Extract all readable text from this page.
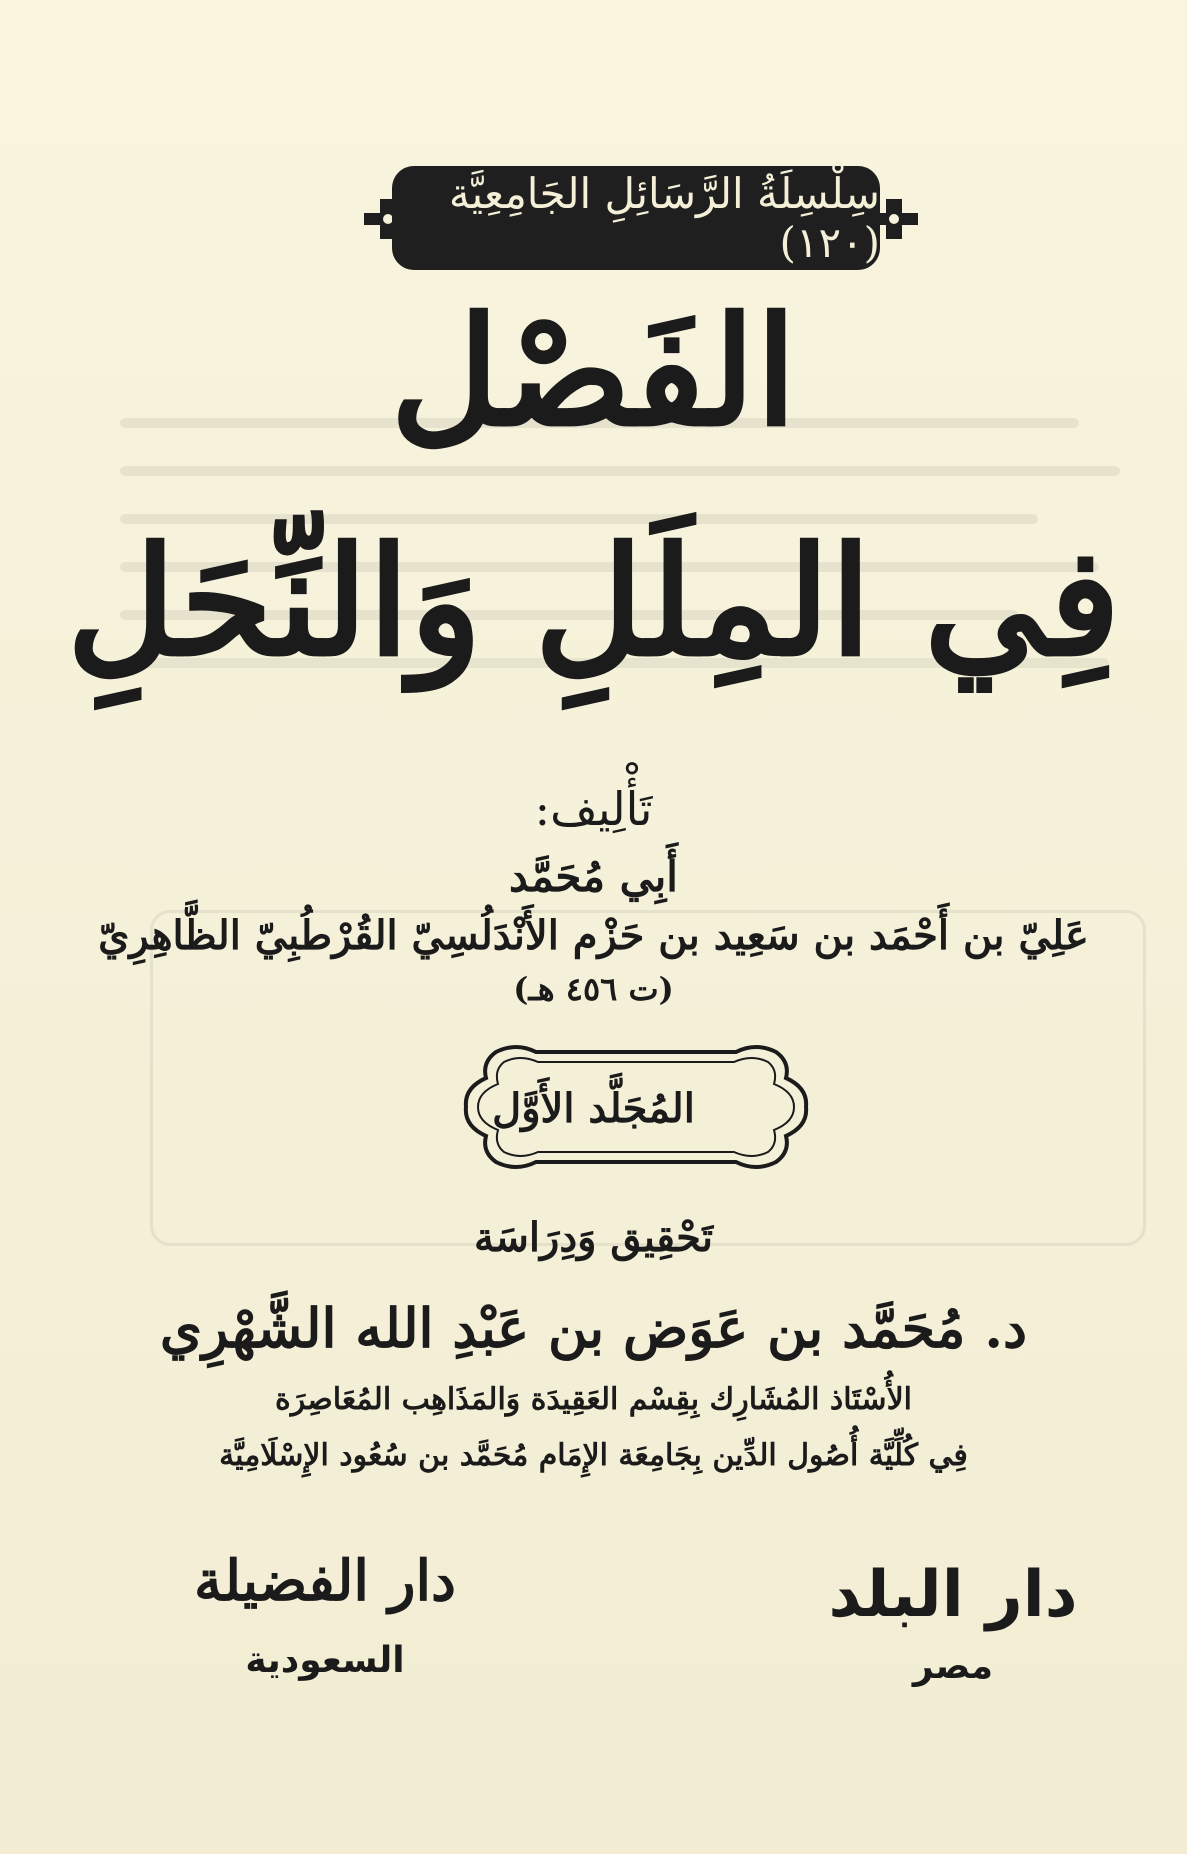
سِلْسِلَةُ الرَّسَائِلِ الجَامِعِيَّة (١٢٠)
الفَصْل
فِي المِلَلِ وَالنِّحَلِ
تَأْلِيف:
أَبِي مُحَمَّد
عَلِيّ بن أَحْمَد بن سَعِيد بن حَزْم الأَنْدَلُسِيّ القُرْطُبِيّ الظَّاهِرِيّ
(ت ٤٥٦ هـ)
المُجَلَّد الأَوَّل
تَحْقِيق وَدِرَاسَة
د. مُحَمَّد بن عَوَض بن عَبْدِ الله الشَّهْرِي
الأُسْتَاذ المُشَارِك بِقِسْم العَقِيدَة وَالمَذَاهِب المُعَاصِرَة
فِي كُلِّيَّة أُصُول الدِّين بِجَامِعَة الإِمَام مُحَمَّد بن سُعُود الإِسْلَامِيَّة
دار الفضيلة
السعودية
دار البلد
مصر
